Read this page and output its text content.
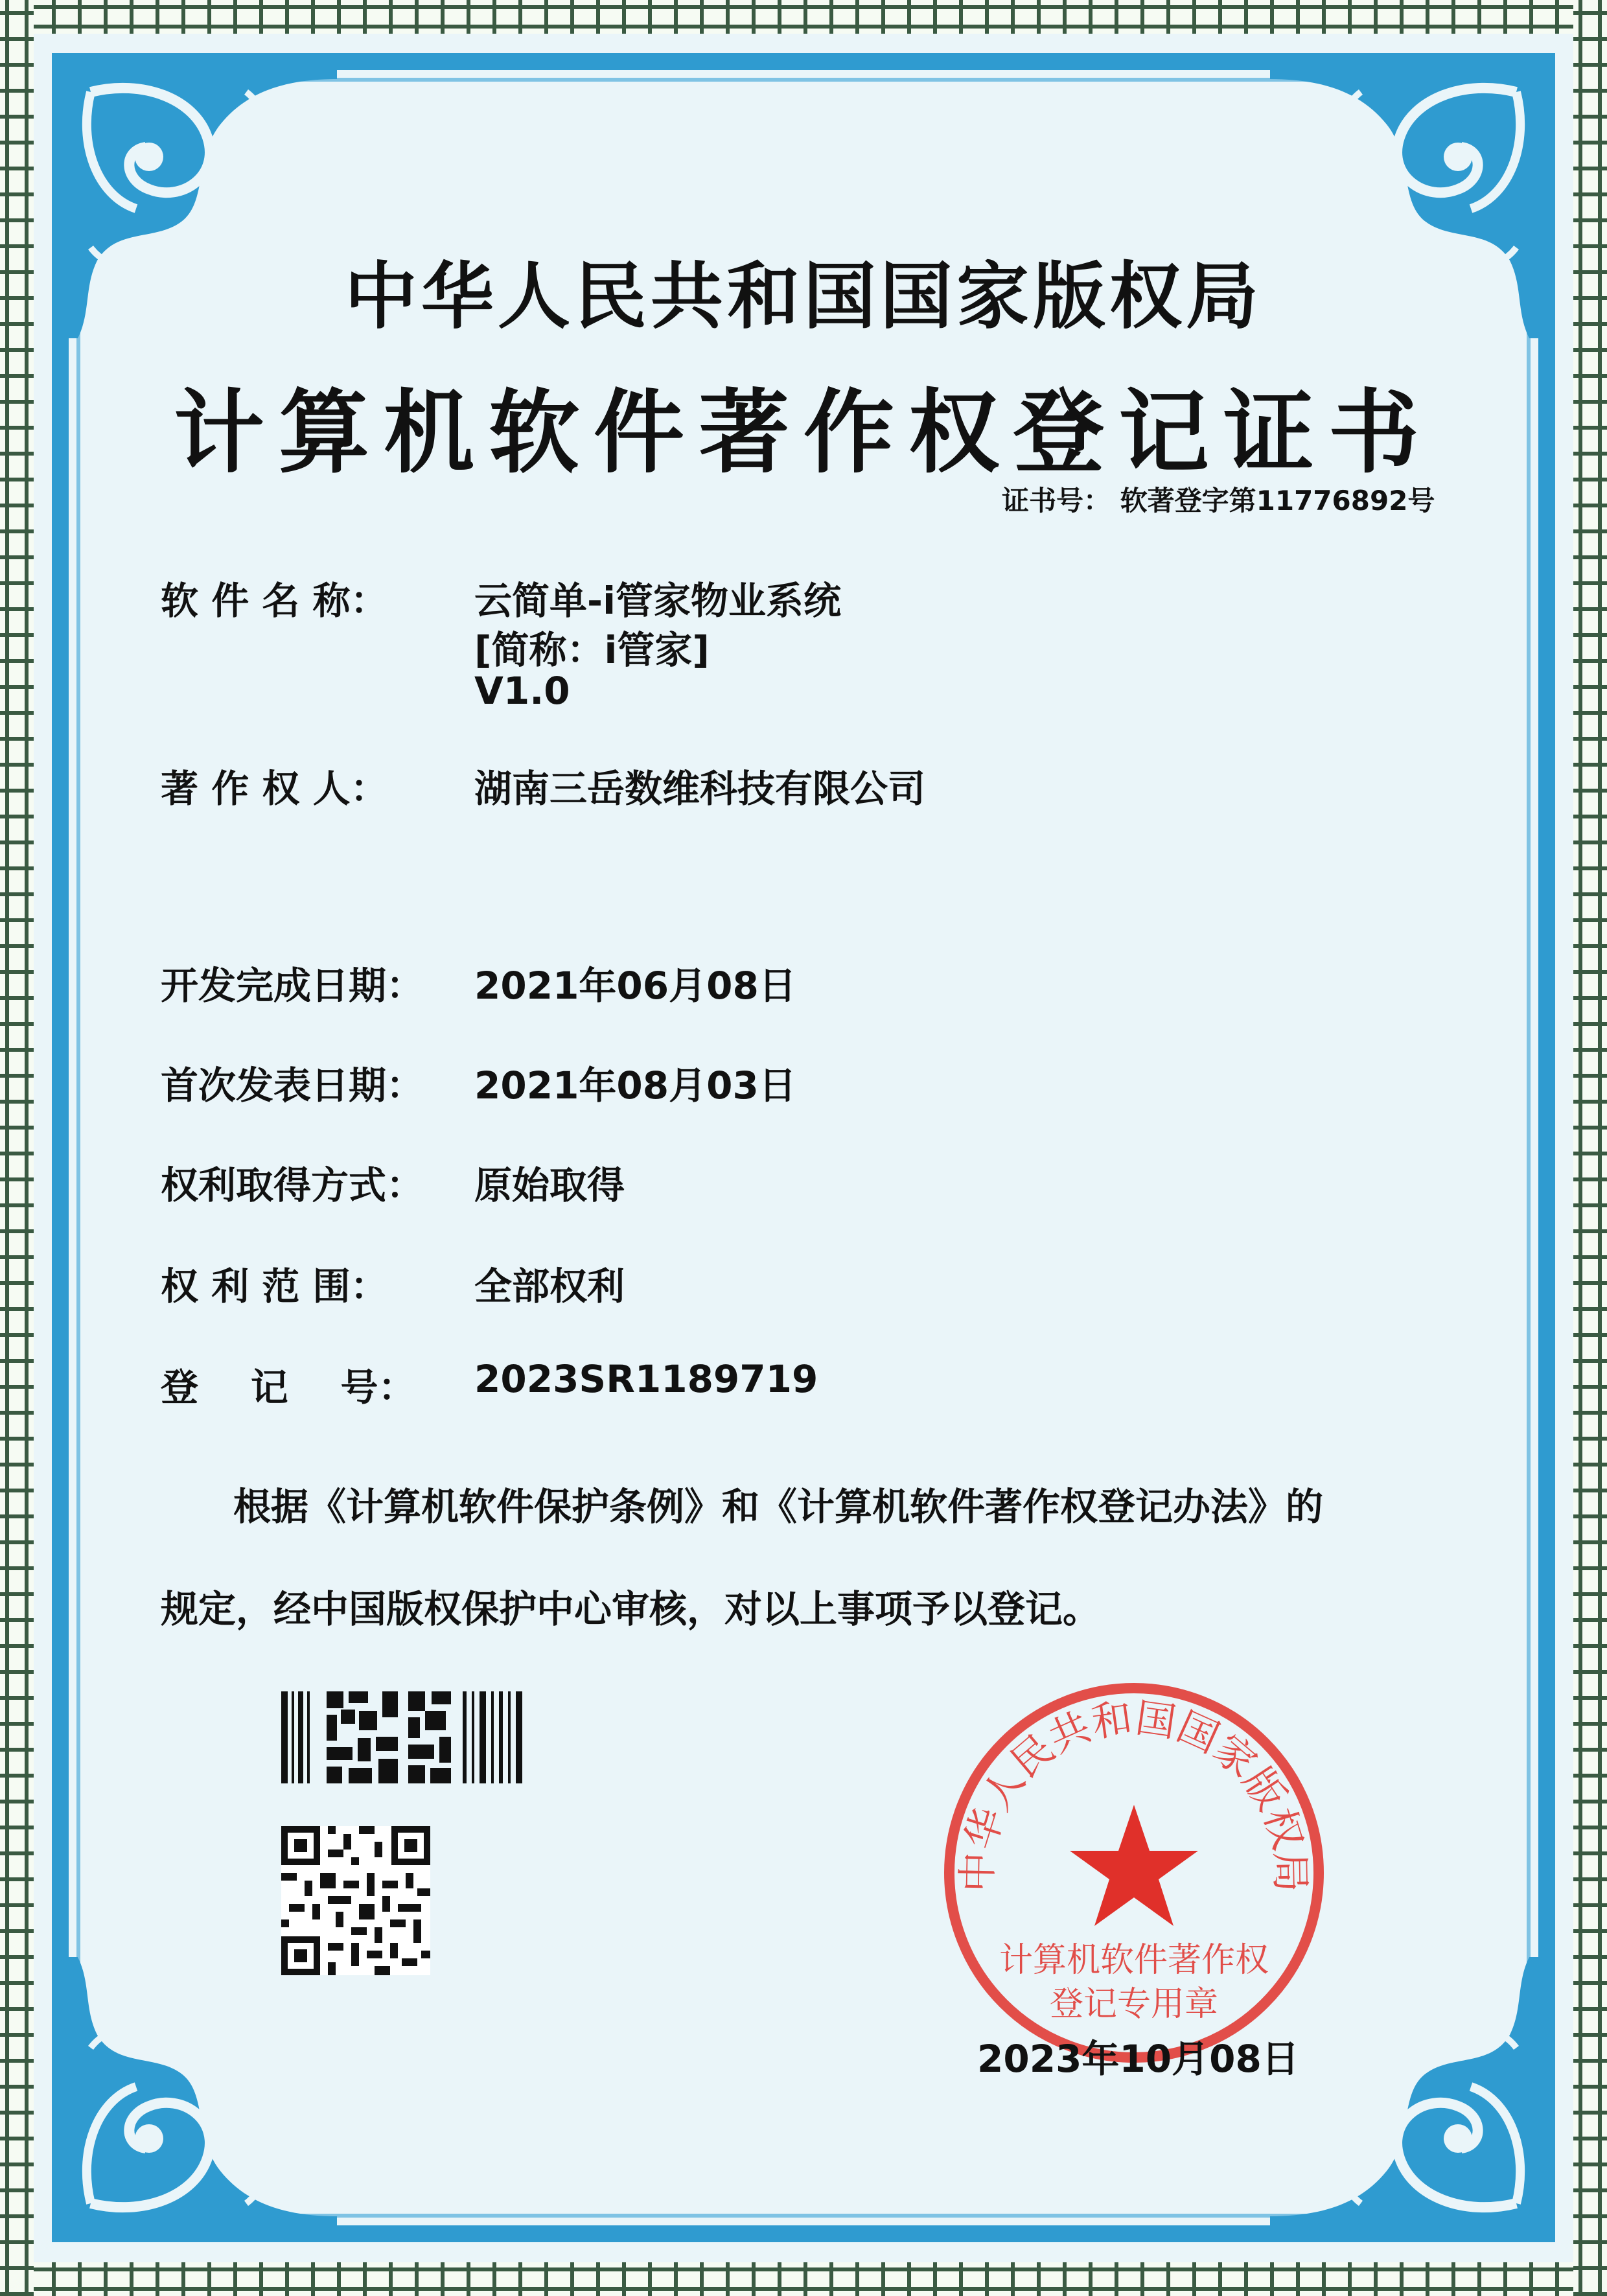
中华人民共和国国家版权局
计算机软件著作权登记证书
证书号： 软著登字第11776892号
软 件 名 称： 云简单-i管家物业系统
[简称：i管家]
V1.0
著 作 权 人： 湖南三岳数维科技有限公司
开发完成日期： 2021年06月08日
首次发表日期： 2021年08月03日
权利取得方式： 原始取得
权 利 范 围： 全部权利
登    记    号： 2023SR1189719
根据《计算机软件保护条例》和《计算机软件著作权登记办法》的
规定，经中国版权保护中心审核，对以上事项予以登记。
中华人民共和国国家版权局
计算机软件著作权
登记专用章
2023年10月08日
